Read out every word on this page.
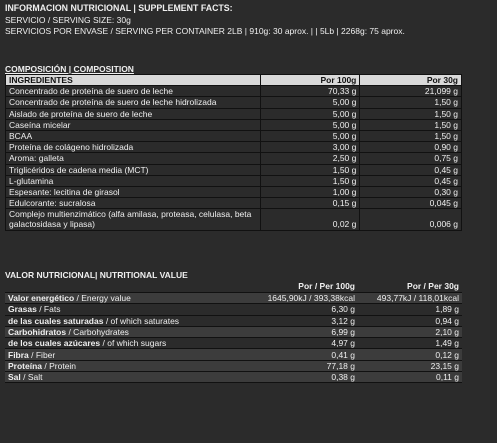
INFORMACION NUTRICIONAL | SUPPLEMENT FACTS:
SERVICIO / SERVING SIZE: 30g
SERVICIOS POR ENVASE / SERVING PER CONTAINER 2LB | 910g: 30 aprox. | | 5Lb | 2268g: 75 aprox.
COMPOSICIÓN | COMPOSITION
INGREDIENTES	Por 100g	Por 30g
Concentrado de proteína de suero de leche	70,33 g	21,099 g
Concentrado de proteína de suero de leche hidrolizada	5,00 g	1,50 g
Aislado de proteína de suero de leche	5,00 g	1,50 g
Caseína micelar	5,00 g	1,50 g
BCAA	5,00 g	1,50 g
Proteína de colágeno hidrolizada	3,00 g	0,90 g
Aroma: galleta	2,50 g	0,75 g
Triglicéridos de cadena media (MCT)	1,50 g	0,45 g
L-glutamina	1,50 g	0,45 g
Espesante: lecitina de girasol	1,00 g	0,30 g
Edulcorante: sucralosa	0,15 g	0,045 g
Complejo multienzimático (alfa amilasa, proteasa, celulasa, beta galactosidasa y lipasa)	0,02 g	0,006 g
VALOR NUTRICIONAL| NUTRITIONAL VALUE
	Por / Per 100g	Por / Per 30g
Valor energético / Energy value	1645,90kJ / 393,38kcal	493,77kJ / 118,01kcal
Grasas / Fats	6,30 g	1,89 g
de las cuales saturadas / of which saturates	3,12 g	0,94 g
Carbohidratos / Carbohydrates	6,99 g	2,10 g
de los cuales azúcares / of which sugars	4,97 g	1,49 g
Fibra / Fiber	0,41 g	0,12 g
Proteína / Protein	77,18 g	23,15 g
Sal / Salt	0,38 g	0,11 g
